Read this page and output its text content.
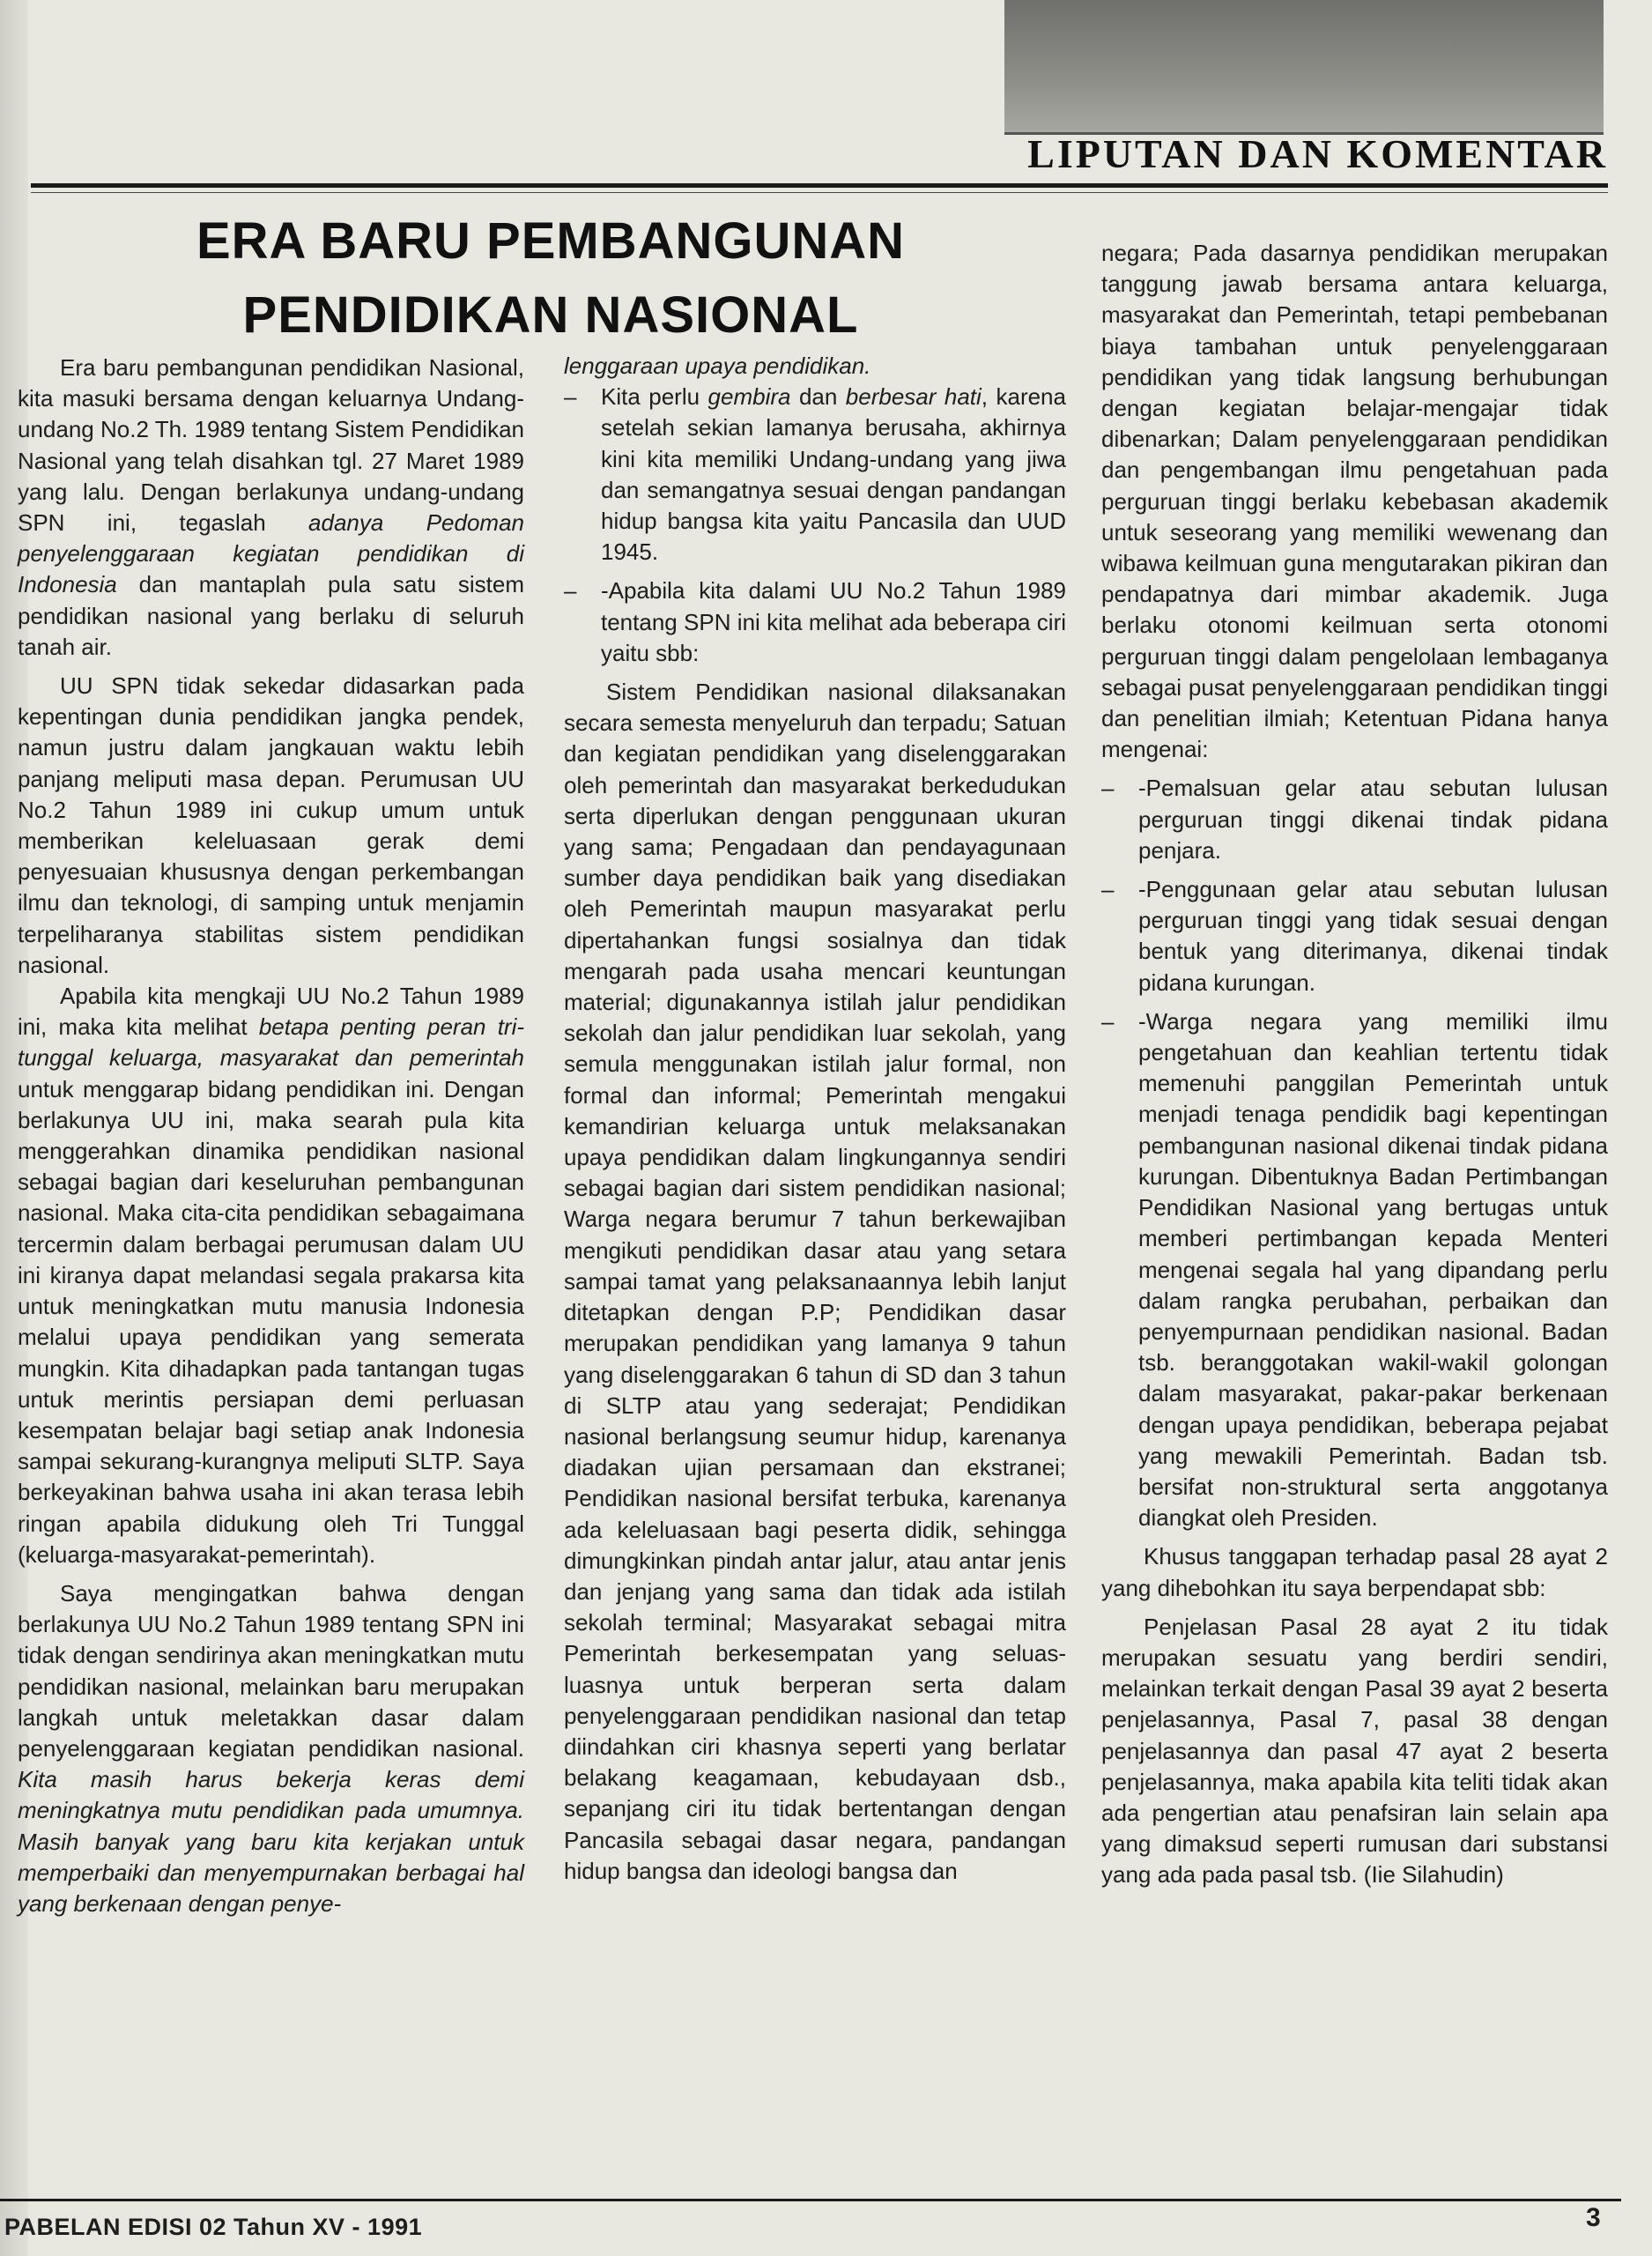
LIPUTAN DAN KOMENTAR
ERA BARU PEMBANGUNAN
PENDIDIKAN NASIONAL

Era baru pembangunan pendidikan Nasional, kita masuki bersama dengan keluarnya Undang-undang No.2 Th. 1989 tentang Sistem Pendidikan Nasional yang telah disahkan tgl. 27 Maret 1989 yang lalu. Dengan berlakunya undang-undang SPN ini, tegaslah adanya Pedoman penyelenggaraan kegiatan pendidikan di Indonesia dan mantaplah pula satu sistem pendidikan nasional yang berlaku di seluruh tanah air.

UU SPN tidak sekedar didasarkan pada kepentingan dunia pendidikan jangka pendek, namun justru dalam jangkauan waktu lebih panjang meliputi masa depan. Perumusan UU No.2 Tahun 1989 ini cukup umum untuk memberikan keleluasaan gerak demi penyesuaian khususnya dengan perkembangan ilmu dan teknologi, di samping untuk menjamin terpeliharanya stabilitas sistem pendidikan nasional.

Apabila kita mengkaji UU No.2 Tahun 1989 ini, maka kita melihat betapa penting peran tri-tunggal keluarga, masyarakat dan pemerintah untuk menggarap bidang pendidikan ini. Dengan berlakunya UU ini, maka searah pula kita menggerahkan dinamika pendidikan nasional sebagai bagian dari keseluruhan pembangunan nasional. Maka cita-cita pendidikan sebagaimana tercermin dalam berbagai perumusan dalam UU ini kiranya dapat melandasi segala prakarsa kita untuk meningkatkan mutu manusia Indonesia melalui upaya pendidikan yang semerata mungkin. Kita dihadapkan pada tantangan tugas untuk merintis persiapan demi perluasan kesempatan belajar bagi setiap anak Indonesia sampai sekurang-kurangnya meliputi SLTP. Saya berkeyakinan bahwa usaha ini akan terasa lebih ringan apabila didukung oleh Tri Tunggal (keluarga-masyarakat-pemerintah).

Saya mengingatkan bahwa dengan berlakunya UU No.2 Tahun 1989 tentang SPN ini tidak dengan sendirinya akan meningkatkan mutu pendidikan nasional, melainkan baru merupakan langkah untuk meletakkan dasar dalam penyelenggaraan kegiatan pendidikan nasional. Kita masih harus bekerja keras demi meningkatnya mutu pendidikan pada umumnya. Masih banyak yang baru kita kerjakan untuk memperbaiki dan menyempurnakan berbagai hal yang berkenaan dengan penye-

lenggaraan upaya pendidikan.

–	Kita perlu gembira dan berbesar hati, karena setelah sekian lamanya berusaha, akhirnya kini kita memiliki Undang-undang yang jiwa dan semangatnya sesuai dengan pandangan hidup bangsa kita yaitu Pancasila dan UUD 1945.
–	-Apabila kita dalami UU No.2 Tahun 1989 tentang SPN ini kita melihat ada beberapa ciri yaitu sbb:

Sistem Pendidikan nasional dilaksanakan secara semesta menyeluruh dan terpadu; Satuan dan kegiatan pendidikan yang diselenggarakan oleh pemerintah dan masyarakat berkedudukan serta diperlukan dengan penggunaan ukuran yang sama; Pengadaan dan pendayagunaan sumber daya pendidikan baik yang disediakan oleh Pemerintah maupun masyarakat perlu dipertahankan fungsi sosialnya dan tidak mengarah pada usaha mencari keuntungan material; digunakannya istilah jalur pendidikan sekolah dan jalur pendidikan luar sekolah, yang semula menggunakan istilah jalur formal, non formal dan informal; Pemerintah mengakui kemandirian keluarga untuk melaksanakan upaya pendidikan dalam lingkungannya sendiri sebagai bagian dari sistem pendidikan nasional; Warga negara berumur 7 tahun berkewajiban mengikuti pendidikan dasar atau yang setara sampai tamat yang pelaksanaannya lebih lanjut ditetapkan dengan P.P; Pendidikan dasar merupakan pendidikan yang lamanya 9 tahun yang diselenggarakan 6 tahun di SD dan 3 tahun di SLTP atau yang sederajat; Pendidikan nasional berlangsung seumur hidup, karenanya diadakan ujian persamaan dan ekstranei; Pendidikan nasional bersifat terbuka, karenanya ada keleluasaan bagi peserta didik, sehingga dimungkinkan pindah antar jalur, atau antar jenis dan jenjang yang sama dan tidak ada istilah sekolah terminal; Masyarakat sebagai mitra Pemerintah berkesempatan yang seluas- luasnya untuk berperan serta dalam penyelenggaraan pendidikan nasional dan tetap diindahkan ciri khasnya seperti yang berlatar belakang keagamaan, kebudayaan dsb., sepanjang ciri itu tidak bertentangan dengan Pancasila sebagai dasar negara, pandangan hidup bangsa dan ideologi bangsa dan

negara; Pada dasarnya pendidikan merupakan tanggung jawab bersama antara keluarga, masyarakat dan Pemerintah, tetapi pembebanan biaya tambahan untuk penyelenggaraan pendidikan yang tidak langsung berhubungan dengan kegiatan belajar-mengajar tidak dibenarkan; Dalam penyelenggaraan pendidikan dan pengembangan ilmu pengetahuan pada perguruan tinggi berlaku kebebasan akademik untuk seseorang yang memiliki wewenang dan wibawa keilmuan guna mengutarakan pikiran dan pendapatnya dari mimbar akademik. Juga berlaku otonomi keilmuan serta otonomi perguruan tinggi dalam pengelolaan lembaganya sebagai pusat penyelenggaraan pendidikan tinggi dan penelitian ilmiah; Ketentuan Pidana hanya mengenai:

–	-Pemalsuan gelar atau sebutan lulusan perguruan tinggi dikenai tindak pidana penjara.
–	-Penggunaan gelar atau sebutan lulusan perguruan tinggi yang tidak sesuai dengan bentuk yang diterimanya, dikenai tindak pidana kurungan.
–	-Warga negara yang memiliki ilmu pengetahuan dan keahlian tertentu tidak memenuhi panggilan Pemerintah untuk menjadi tenaga pendidik bagi kepentingan pembangunan nasional dikenai tindak pidana kurungan. Dibentuknya Badan Pertimbangan Pendidikan Nasional yang bertugas untuk memberi pertimbangan kepada Menteri mengenai segala hal yang dipandang perlu dalam rangka perubahan, perbaikan dan penyempurnaan pendidikan nasional. Badan tsb. beranggotakan wakil-wakil golongan dalam masyarakat, pakar-pakar berkenaan dengan upaya pendidikan, beberapa pejabat yang mewakili Pemerintah. Badan tsb. bersifat non-struktural serta anggotanya diangkat oleh Presiden.

Khusus tanggapan terhadap pasal 28 ayat 2 yang dihebohkan itu saya berpendapat sbb:

Penjelasan Pasal 28 ayat 2 itu tidak merupakan sesuatu yang berdiri sendiri, melainkan terkait dengan Pasal 39 ayat 2 beserta penjelasannya, Pasal 7, pasal 38 dengan penjelasannya dan pasal 47 ayat 2 beserta penjelasannya, maka apabila kita teliti tidak akan ada pengertian atau penafsiran lain selain apa yang dimaksud seperti rumusan dari substansi yang ada pada pasal tsb. (Iie Silahudin)

PABELAN EDISI 02 Tahun XV - 1991	3
